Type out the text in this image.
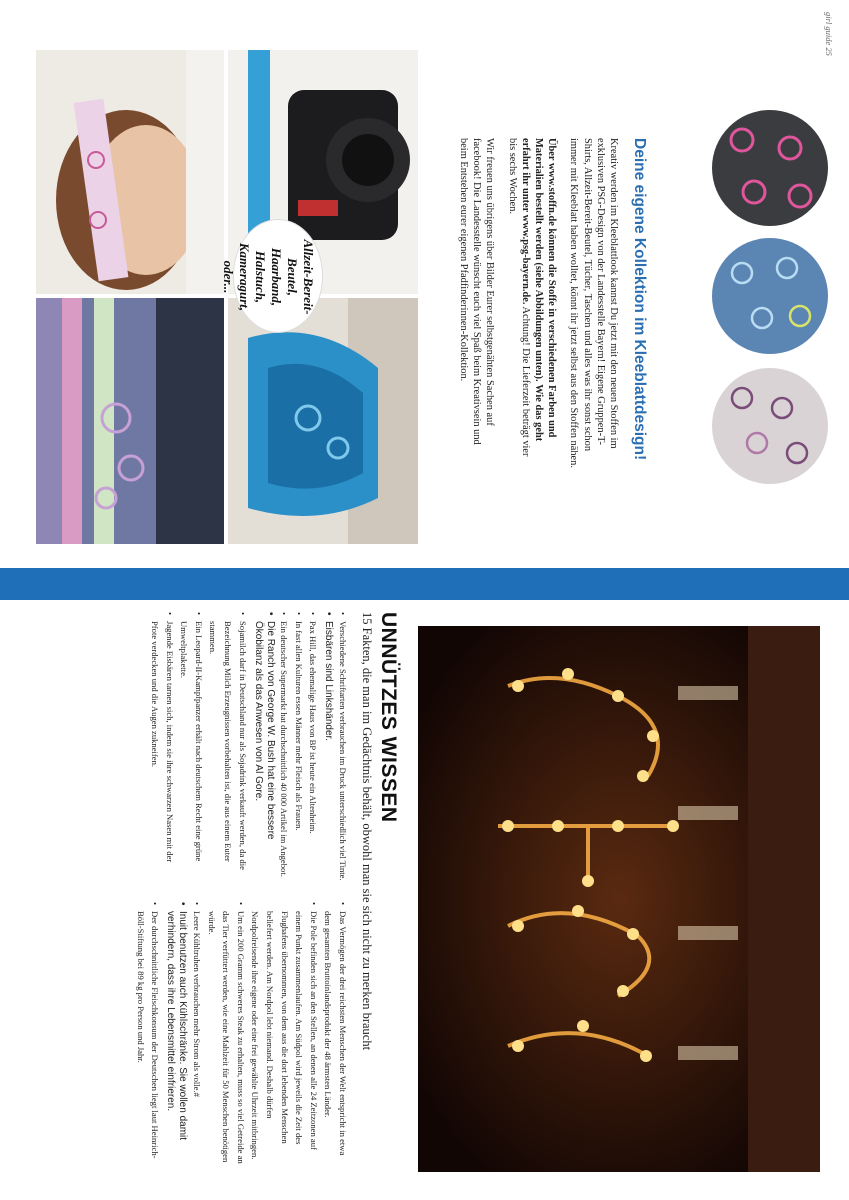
Allzeit-Bereit-Beutel,
Haarband, Halstuch,
Kameragurt,
oder...	Deine eigene Kollektion im Kleeblattdesign!

Kreativ werden im Kleeblattlook kannst Du jetzt mit den neuen Stoffen im exklusiven PSG-Design von der Landesstelle Bayern! Eigene Gruppen-T-Shirts, Allzeit-Bereit-Beutel, Tücher, Taschen und alles was ihr sonst schon immer mit Kleeblatt haben wolltet, könnt ihr jetzt selbst aus den Stoffen nähen.

Über www.stoffn.de können die Stoffe in verschiedenen Farben und Materialien bestellt werden (siehe Abbildungen unten). Wie das geht erfahrt ihr unter www.psg-bayern.de. Achtung! Die Lieferzeit beträgt vier bis sechs Wochen.

Wir freuen uns übrigens über Bilder Eurer selbstgenähten Sachen auf facebook! Die Landesstelle wünscht euch viel Spaß beim Kreativsein und beim Entstehen eurer eigenen Pfadfinderinnen-Kollektion.

girl guide 25
UNNÜTZES WISSEN

15 Fakten, die man im Gedächtnis behält, obwohl man sie sich nicht zu merken braucht

• Verschiedene Schriftarten verbrauchen im Druck unterschiedlich viel Tinte.
• Eisbären sind Linkshänder.
• Pax Hill, das ehemalige Haus von BP ist heute ein Altenheim.
• In fast allen Kulturen essen Männer mehr Fleisch als Frauen.
• Ein deutscher Supermarkt hat durchschnittlich 40 000 Artikel im Angebot.
• Die Ranch von George W. Bush hat eine bessere Ökobilanz als das Anwesen von Al Gore.
• Sojamilch darf in Deutschland nur als Sojadrink verkauft werden, da die Bezeichnung Milch Erzeugnissen vorbehalten ist, die aus einem Euter stammen.
• Ein Leopard-II-Kampfpanzer erhält nach deutschem Recht eine grüne Umweltplakette.
• Jagende Eisbären tarnen sich, indem sie ihre schwarzen Nasen mit der Pfote verdecken und die Augen zukneifen.
• Das Vermögen der drei reichsten Menschen der Welt entspricht in etwa dem gesamten Bruttoinlandsprodukt der 48 ärmsten Länder.
• Die Pole befinden sich an den Stellen, an denen alle 24 Zeitzonen auf einem Punkt zusammenlaufen. Am Südpol wird jeweils die Zeit des Flughafens übernommen, von dem aus die dort lebenden Menschen beliefert werden. Am Nordpol lebt niemand. Deshalb dürfen Nordpolreisende ihre eigene oder eine frei gewählte Uhrzeit mitbringen.
• Um ein 200 Gramm schweres Steak zu erhalten, muss so viel Getreide an das Tier verfüttert werden, wie eine Mahlzeit für 50 Menschen benötigen würde.
• Leere Kühltruhen verbrauchen mehr Strom als volle.#
• Inuit benutzen auch Kühlschränke. Sie wollen damit verhindern, dass ihre Lebensmittel einfrieren.
• Der durchschnittliche Fleischkonsum der Deutschen liegt laut Heinrich-Böll-Stiftung bei 89 kg pro Person und Jahr.
